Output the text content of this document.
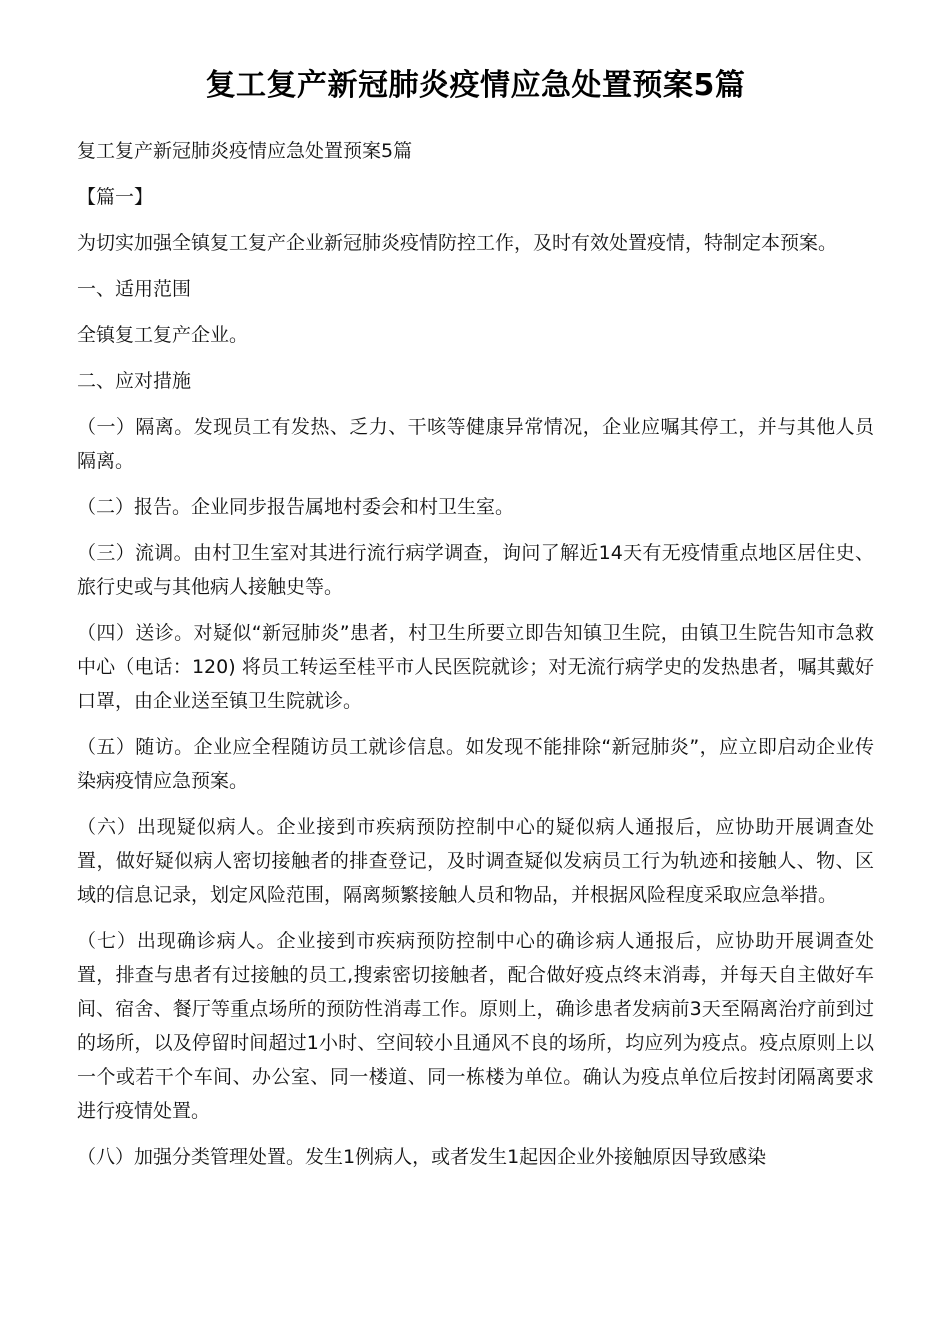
复工复产新冠肺炎疫情应急处置预案5篇

复工复产新冠肺炎疫情应急处置预案5篇

【篇一】

为切实加强全镇复工复产企业新冠肺炎疫情防控工作，及时有效处置疫情，特制定本预案。

一、适用范围

全镇复工复产企业。

二、应对措施

（一）隔离。发现员工有发热、乏力、干咳等健康异常情况，企业应嘱其停工，并与其他人员隔离。

（二）报告。企业同步报告属地村委会和村卫生室。

（三）流调。由村卫生室对其进行流行病学调查，询问了解近14天有无疫情重点地区居住史、旅行史或与其他病人接触史等。

（四）送诊。对疑似“新冠肺炎”患者，村卫生所要立即告知镇卫生院，由镇卫生院告知市急救中心（电话：120) 将员工转运至桂平市人民医院就诊；对无流行病学史的发热患者，嘱其戴好口罩，由企业送至镇卫生院就诊。

（五）随访。企业应全程随访员工就诊信息。如发现不能排除“新冠肺炎”，应立即启动企业传染病疫情应急预案。

（六）出现疑似病人。企业接到市疾病预防控制中心的疑似病人通报后，应协助开展调查处置，做好疑似病人密切接触者的排查登记，及时调查疑似发病员工行为轨迹和接触人、物、区域的信息记录，划定风险范围，隔离频繁接触人员和物品，并根据风险程度采取应急举措。

（七）出现确诊病人。企业接到市疾病预防控制中心的确诊病人通报后，应协助开展调查处置，排查与患者有过接触的员工,搜索密切接触者，配合做好疫点终末消毒，并每天自主做好车间、宿舍、餐厅等重点场所的预防性消毒工作。原则上，确诊患者发病前3天至隔离治疗前到过的场所，以及停留时间超过1小时、空间较小且通风不良的场所，均应列为疫点。疫点原则上以一个或若干个车间、办公室、同一楼道、同一栋楼为单位。确认为疫点单位后按封闭隔离要求进行疫情处置。

（八）加强分类管理处置。发生1例病人，或者发生1起因企业外接触原因导致感染
